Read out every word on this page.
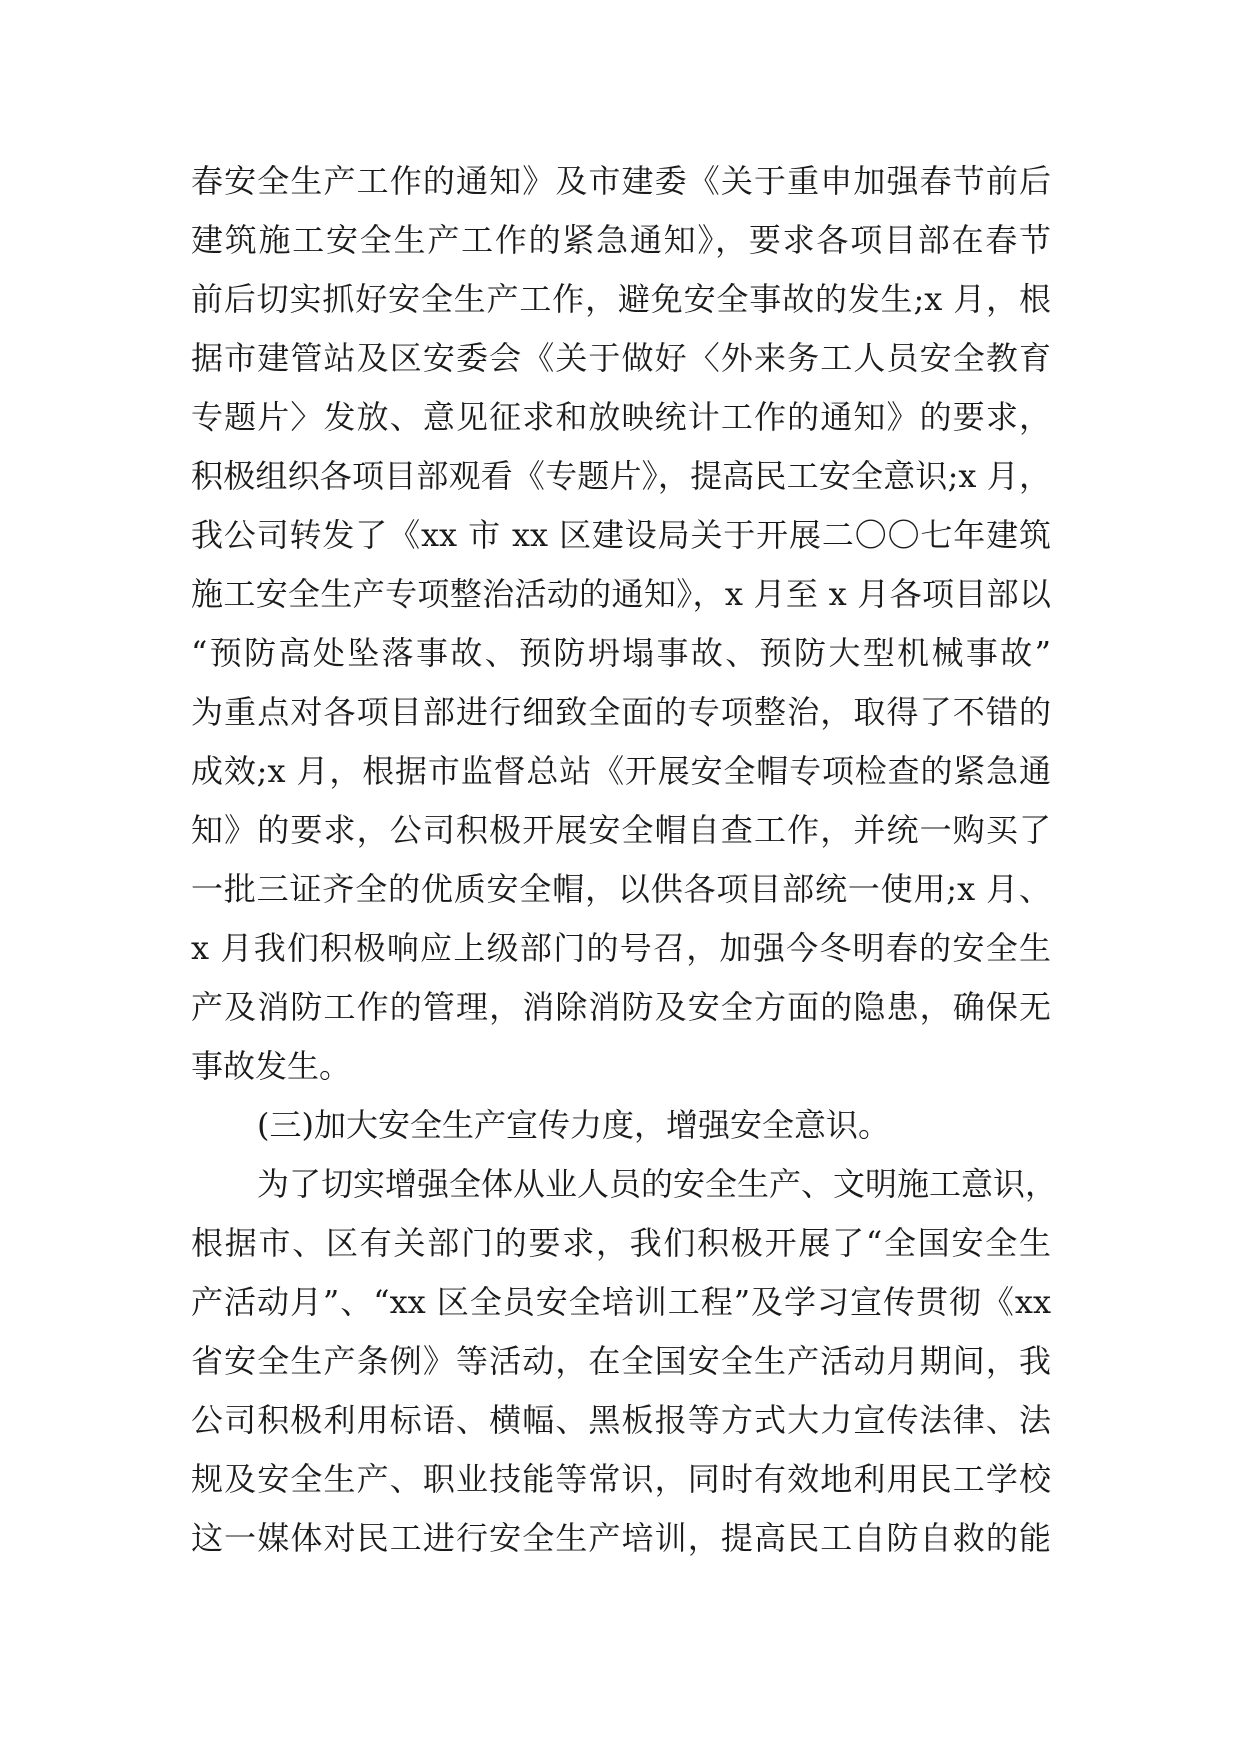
春安全生产工作的通知》及市建委《关于重申加强春节前后
建筑施工安全生产工作的紧急通知》，要求各项目部在春节
前后切实抓好安全生产工作，避免安全事故的发生;x 月，根
据市建管站及区安委会《关于做好〈外来务工人员安全教育
专题片〉发放、意见征求和放映统计工作的通知》的要求，
积极组织各项目部观看《专题片》，提高民工安全意识;x 月，
我公司转发了《xx 市 xx 区建设局关于开展二〇〇七年建筑
施工安全生产专项整治活动的通知》，x 月至 x 月各项目部以
“预防高处坠落事故、预防坍塌事故、预防大型机械事故”
为重点对各项目部进行细致全面的专项整治，取得了不错的
成效;x 月，根据市监督总站《开展安全帽专项检查的紧急通
知》的要求，公司积极开展安全帽自查工作，并统一购买了
一批三证齐全的优质安全帽，以供各项目部统一使用;x 月、
x 月我们积极响应上级部门的号召，加强今冬明春的安全生
产及消防工作的管理，消除消防及安全方面的隐患，确保无
事故发生。
(三)加大安全生产宣传力度，增强安全意识。
为了切实增强全体从业人员的安全生产、文明施工意识，
根据市、区有关部门的要求，我们积极开展了“全国安全生
产活动月”、“xx 区全员安全培训工程”及学习宣传贯彻《xx
省安全生产条例》等活动，在全国安全生产活动月期间，我
公司积极利用标语、横幅、黑板报等方式大力宣传法律、法
规及安全生产、职业技能等常识，同时有效地利用民工学校
这一媒体对民工进行安全生产培训，提高民工自防自救的能
